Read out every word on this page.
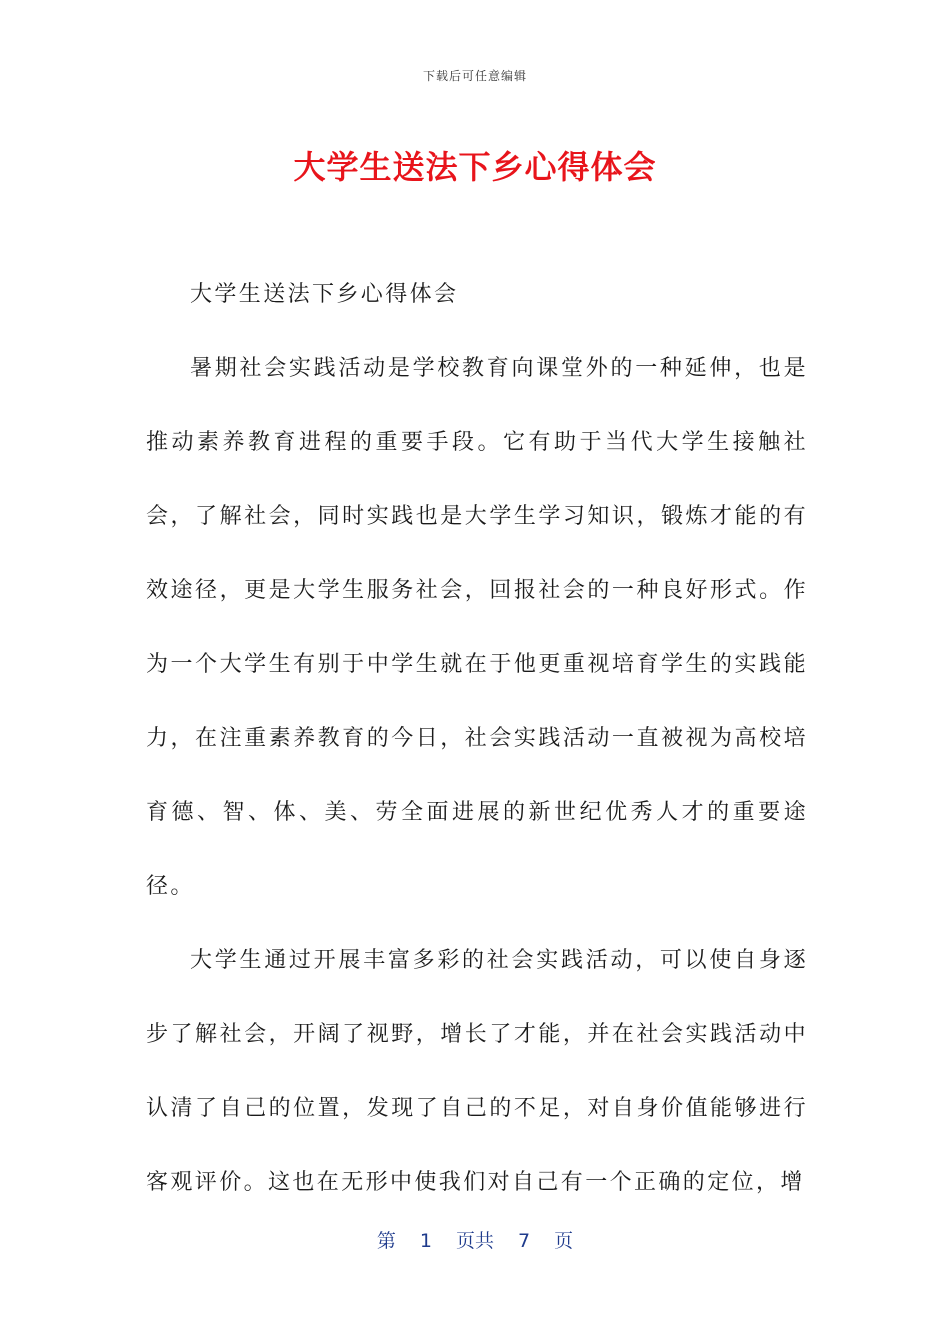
下载后可任意编辑
大学生送法下乡心得体会

大学生送法下乡心得体会

暑期社会实践活动是学校教育向课堂外的一种延伸，也是推动素养教育进程的重要手段。它有助于当代大学生接触社会，了解社会，同时实践也是大学生学习知识，锻炼才能的有效途径，更是大学生服务社会，回报社会的一种良好形式。作为一个大学生有别于中学生就在于他更重视培育学生的实践能力，在注重素养教育的今日，社会实践活动一直被视为高校培育德、智、体、美、劳全面进展的新世纪优秀人才的重要途径。

大学生通过开展丰富多彩的社会实践活动，可以使自身逐步了解社会，开阔了视野，增长了才能，并在社会实践活动中认清了自己的位置，发现了自己的不足，对自身价值能够进行客观评价。这也在无形中使我们对自己有一个正确的定位，增

第 1 页共 7 页
